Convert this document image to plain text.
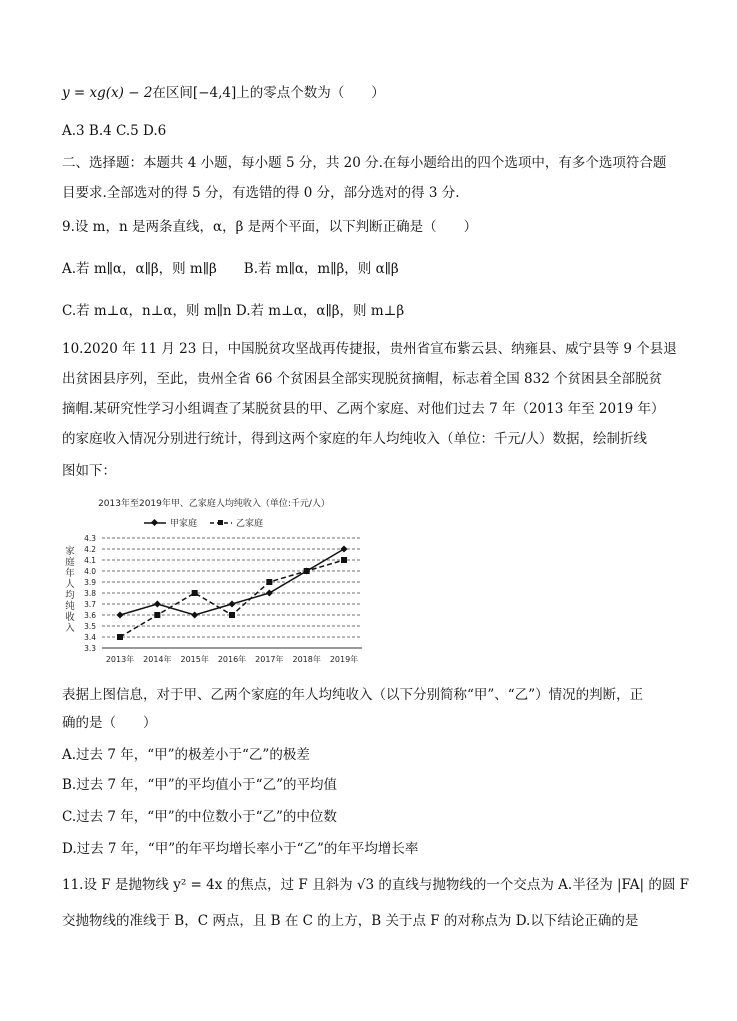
y = xg(x) − 2在区间[−4,4]上的零点个数为（　　）
A.3 B.4 C.5 D.6
二、选择题：本题共 4 小题，每小题 5 分，共 20 分.在每小题给出的四个选项中，有多个选项符合题
目要求.全部选对的得 5 分，有选错的得 0 分，部分选对的得 3 分.
9.设 m，n 是两条直线，α，β 是两个平面，以下判断正确是（　　）
A.若 m∥α，α∥β，则 m∥β　　B.若 m∥α，m∥β，则 α∥β
C.若 m⊥α，n⊥α，则 m∥n D.若 m⊥α，α∥β，则 m⊥β
10.2020 年 11 月 23 日，中国脱贫攻坚战再传捷报，贵州省宣布紫云县、纳雍县、威宁县等 9 个县退
出贫困县序列，至此，贵州全省 66 个贫困县全部实现脱贫摘帽，标志着全国 832 个贫困县全部脱贫
摘帽.某研究性学习小组调查了某脱贫县的甲、乙两个家庭、对他们过去 7 年（2013 年至 2019 年）
的家庭收入情况分别进行统计，得到这两个家庭的年人均纯收入（单位：千元/人）数据，绘制折线
图如下：
2013年至2019年甲、乙家庭人均纯收入（单位:千元/人）
甲家庭	乙家庭
家
庭
年
人
均
纯
收
入
3.3
3.4
3.5
3.6
3.7
3.8
3.9
4.0
4.1
4.2
4.3
2013年 2014年 2015年 2016年 2017年 2018年 2019年
表据上图信息，对于甲、乙两个家庭的年人均纯收入（以下分别简称“甲”、“乙”）情况的判断，正
确的是（　　）
A.过去 7 年，“甲”的极差小于“乙”的极差
B.过去 7 年，“甲”的平均值小于“乙”的平均值
C.过去 7 年，“甲”的中位数小于“乙”的中位数
D.过去 7 年，“甲”的年平均增长率小于“乙”的年平均增长率
11.设 F 是抛物线 y² = 4x 的焦点，过 F 且斜为 √3 的直线与抛物线的一个交点为 A.半径为 |FA| 的圆 F
交抛物线的准线于 B，C 两点，且 B 在 C 的上方，B 关于点 F 的对称点为 D.以下结论正确的是
